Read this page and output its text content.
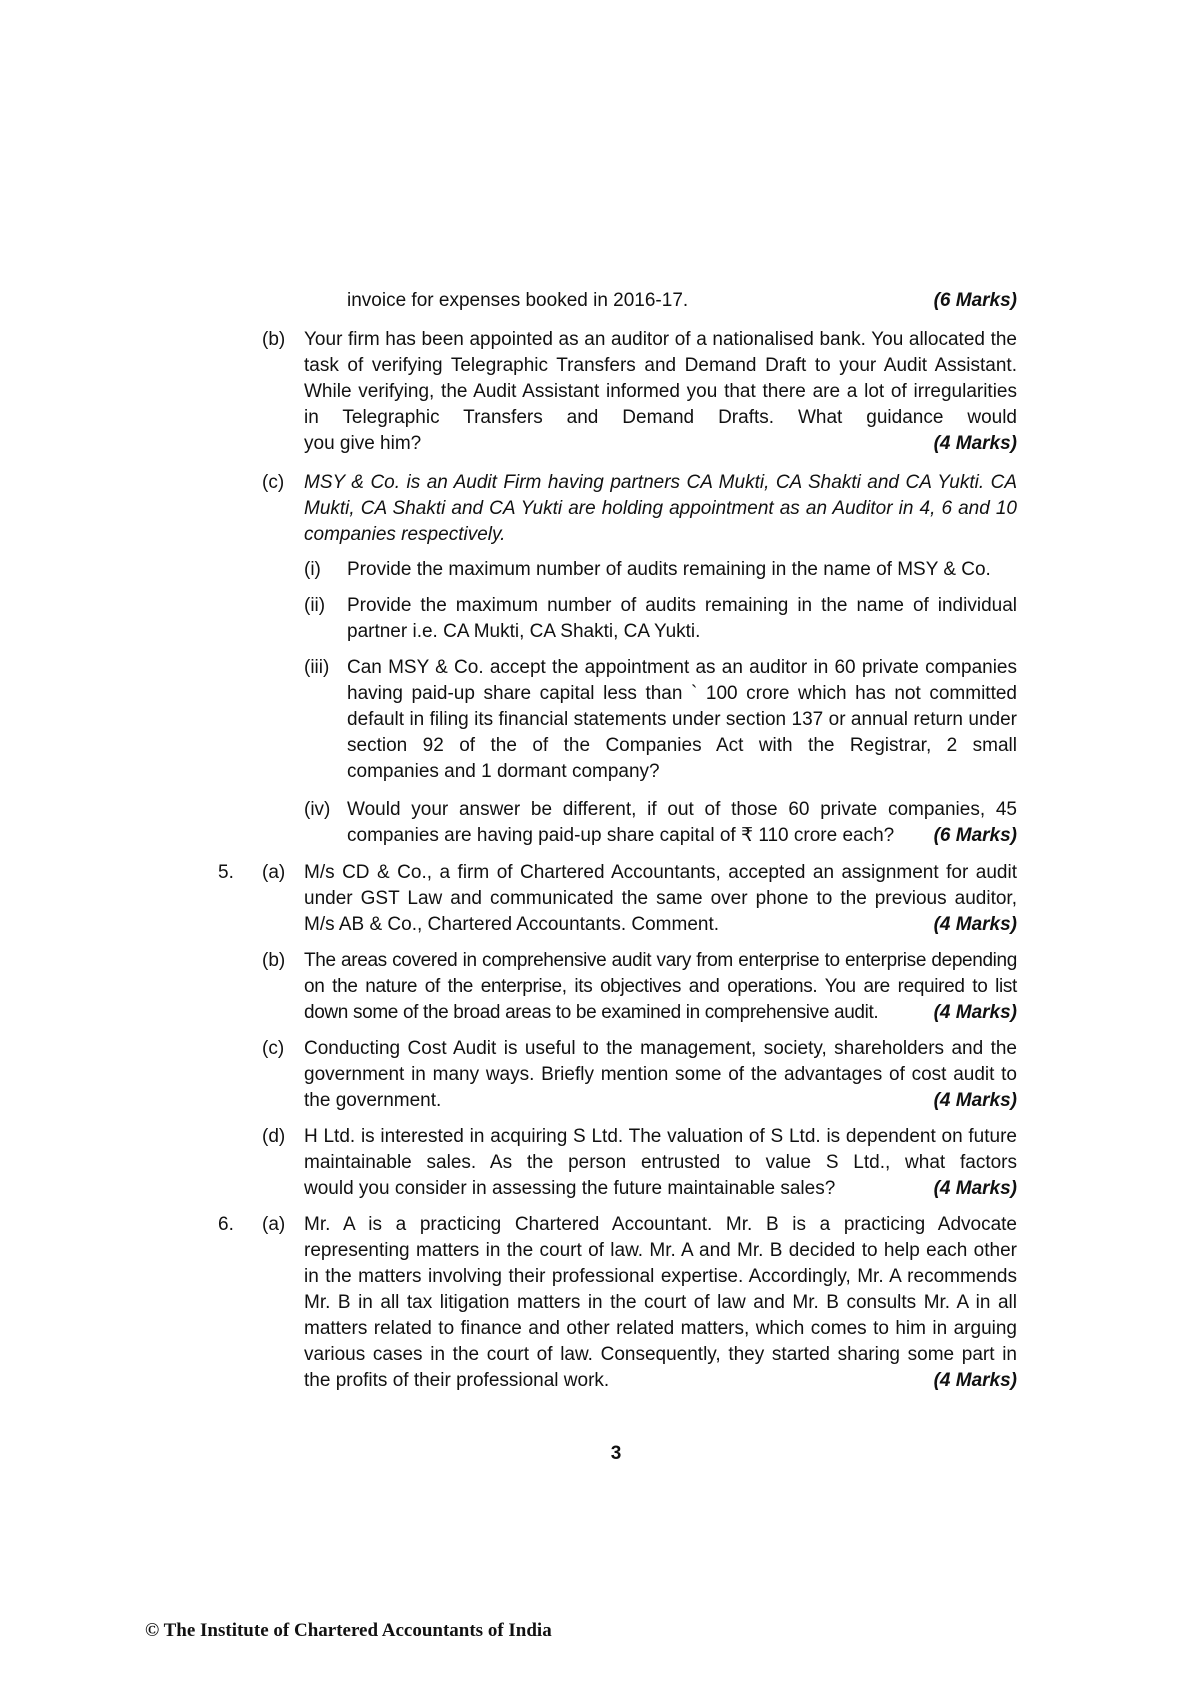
invoice for expenses booked in 2016-17.	(6 Marks)
(b) Your firm has been appointed as an auditor of a nationalised bank. You allocated the task of verifying Telegraphic Transfers and Demand Draft to your Audit Assistant. While verifying, the Audit Assistant informed you that there are a lot of irregularities in Telegraphic Transfers and Demand Drafts. What guidance would
you give him?	(4 Marks)
(c) MSY & Co. is an Audit Firm having partners CA Mukti, CA Shakti and CA Yukti. CA Mukti, CA Shakti and CA Yukti are holding appointment as an Auditor in 4, 6 and 10
companies respectively.
(i) Provide the maximum number of audits remaining in the name of MSY & Co.
(ii) Provide the maximum number of audits remaining in the name of individual
partner i.e. CA Mukti, CA Shakti, CA Yukti.
(iii) Can MSY & Co. accept the appointment as an auditor in 60 private companies having paid-up share capital less than ` 100 crore which has not committed default in filing its financial statements under section 137 or annual return under section 92 of the of the Companies Act with the Registrar, 2 small
companies and 1 dormant company?
(iv) Would your answer be different, if out of those 60 private companies, 45
companies are having paid-up share capital of ₹ 110 crore each? (6 Marks)
5. (a) M/s CD & Co., a firm of Chartered Accountants, accepted an assignment for audit under GST Law and communicated the same over phone to the previous auditor,
M/s AB & Co., Chartered Accountants. Comment.	(4 Marks)
(b) The areas covered in comprehensive audit vary from enterprise to enterprise depending on the nature of the enterprise, its objectives and operations. You are required to list
down some of the broad areas to be examined in comprehensive audit.	(4 Marks)
(c) Conducting Cost Audit is useful to the management, society, shareholders and the government in many ways. Briefly mention some of the advantages of cost audit to
the government.	(4 Marks)
(d) H Ltd. is interested in acquiring S Ltd. The valuation of S Ltd. is dependent on future maintainable sales. As the person entrusted to value S Ltd., what factors
would you consider in assessing the future maintainable sales?	(4 Marks)
6. (a) Mr. A is a practicing Chartered Accountant. Mr. B is a practicing Advocate representing matters in the court of law. Mr. A and Mr. B decided to help each other in the matters involving their professional expertise. Accordingly, Mr. A recommends Mr. B in all tax litigation matters in the court of law and Mr. B consults Mr. A in all matters related to finance and other related matters, which comes to him in arguing various cases in the court of law. Consequently, they started sharing some part in
the profits of their professional work.	(4 Marks)
3
© The Institute of Chartered Accountants of India
